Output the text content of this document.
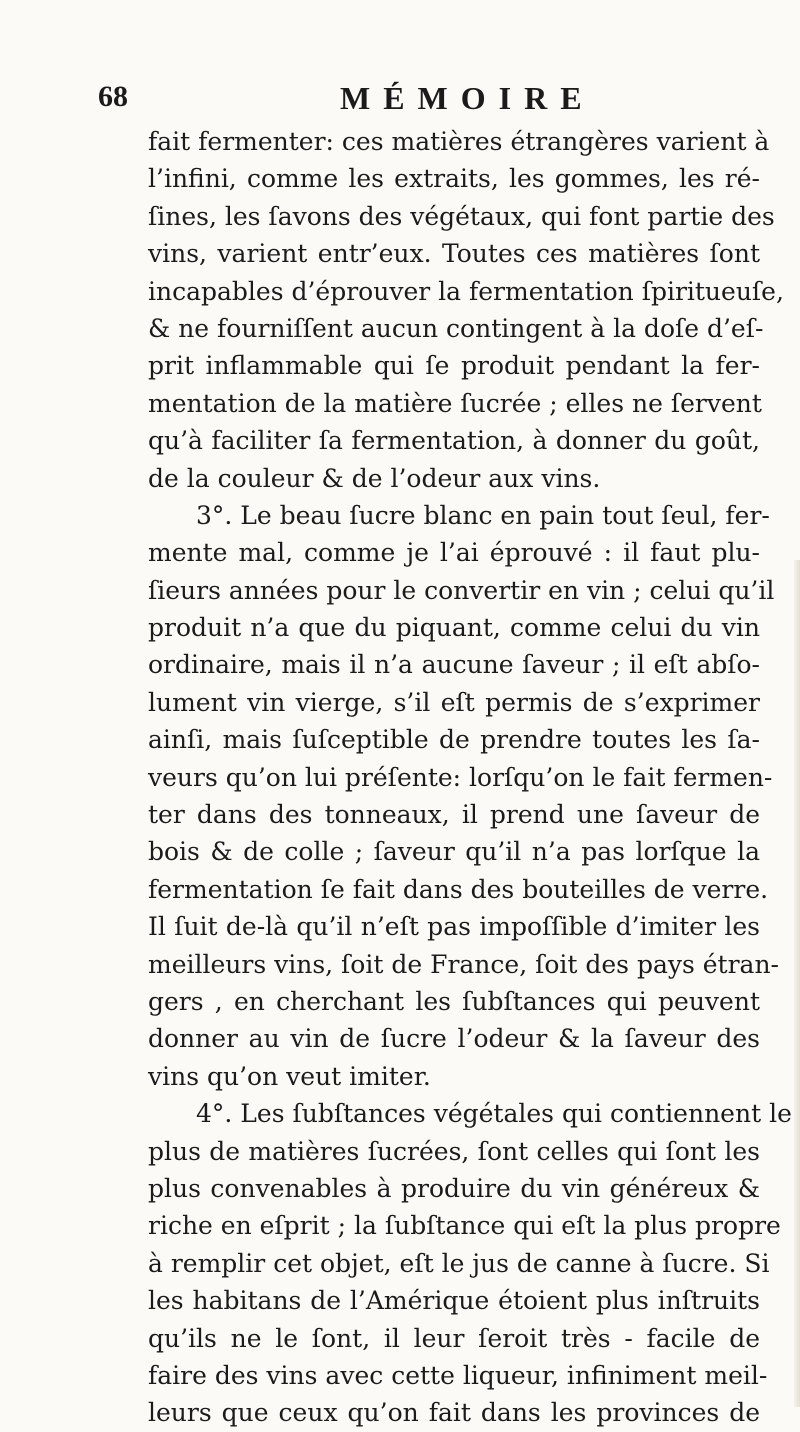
68	MÉMOIRE
fait fermenter: ces matières étrangères varient à
l’infini, comme les extraits, les gommes, les ré-
ſines, les ſavons des végétaux, qui font partie des
vins, varient entr’eux. Toutes ces matières ſont
incapables d’éprouver la fermentation ſpiritueuſe,
& ne fourniſſent aucun contingent à la doſe d’eſ-
prit inflammable qui ſe produit pendant la fer-
mentation de la matière ſucrée ; elles ne ſervent
qu’à faciliter ſa fermentation, à donner du goût,
de la couleur & de l’odeur aux vins.
3°. Le beau ſucre blanc en pain tout ſeul, fer-
mente mal, comme je l’ai éprouvé : il faut plu-
ſieurs années pour le convertir en vin ; celui qu’il
produit n’a que du piquant, comme celui du vin
ordinaire, mais il n’a aucune ſaveur ; il eſt abſo-
lument vin vierge, s’il eſt permis de s’exprimer
ainſi, mais ſuſceptible de prendre toutes les ſa-
veurs qu’on lui préſente: lorſqu’on le fait fermen-
ter dans des tonneaux, il prend une ſaveur de
bois & de colle ; ſaveur qu’il n’a pas lorſque la
fermentation ſe fait dans des bouteilles de verre.
Il ſuit de-là qu’il n’eſt pas impoſſible d’imiter les
meilleurs vins, ſoit de France, ſoit des pays étran-
gers , en cherchant les ſubſtances qui peuvent
donner au vin de ſucre l’odeur & la ſaveur des
vins qu’on veut imiter.
4°. Les ſubſtances végétales qui contiennent le
plus de matières ſucrées, ſont celles qui ſont les
plus convenables à produire du vin généreux &
riche en eſprit ; la ſubſtance qui eſt la plus propre
à remplir cet objet, eſt le jus de canne à ſucre. Si
les habitans de l’Amérique étoient plus inſtruits
qu’ils ne le ſont, il leur ſeroit très - facile de
faire des vins avec cette liqueur, infiniment meil-
leurs que ceux qu’on fait dans les provinces de
